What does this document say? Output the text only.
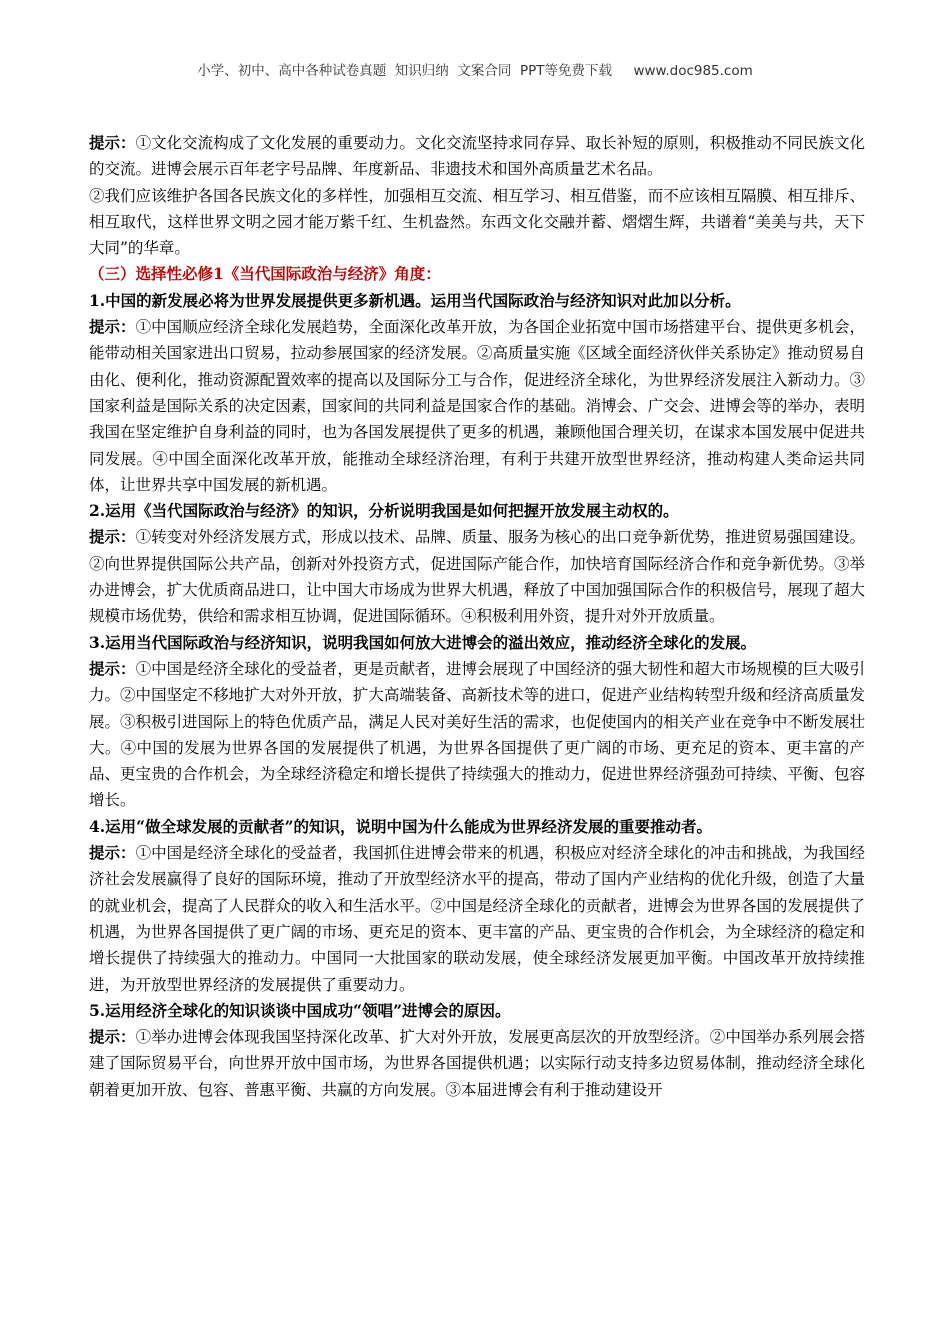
小学、初中、高中各种试卷真题  知识归纳  文案合同  PPT等免费下载     www.doc985.com

提示：①文化交流构成了文化发展的重要动力。文化交流坚持求同存异、取长补短的原则，积极推动不同民族文化的交流。进博会展示百年老字号品牌、年度新品、非遗技术和国外高质量艺术名品。

②我们应该维护各国各民族文化的多样性，加强相互交流、相互学习、相互借鉴，而不应该相互隔膜、相互排斥、相互取代，这样世界文明之园才能万紫千红、生机盎然。东西文化交融并蓄、熠熠生辉，共谱着“美美与共，天下大同”的华章。

（三）选择性必修1《当代国际政治与经济》角度：

1.中国的新发展必将为世界发展提供更多新机遇。运用当代国际政治与经济知识对此加以分析。

提示：①中国顺应经济全球化发展趋势，全面深化改革开放，为各国企业拓宽中国市场搭建平台、提供更多机会，能带动相关国家进出口贸易，拉动参展国家的经济发展。②高质量实施《区域全面经济伙伴关系协定》推动贸易自由化、便利化，推动资源配置效率的提高以及国际分工与合作，促进经济全球化，为世界经济发展注入新动力。③国家利益是国际关系的决定因素，国家间的共同利益是国家合作的基础。消博会、广交会、进博会等的举办，表明我国在坚定维护自身利益的同时，也为各国发展提供了更多的机遇，兼顾他国合理关切，在谋求本国发展中促进共同发展。④中国全面深化改革开放，能推动全球经济治理，有利于共建开放型世界经济，推动构建人类命运共同体，让世界共享中国发展的新机遇。

2.运用《当代国际政治与经济》的知识，分析说明我国是如何把握开放发展主动权的。

提示：①转变对外经济发展方式，形成以技术、品牌、质量、服务为核心的出口竞争新优势，推进贸易强国建设。②向世界提供国际公共产品，创新对外投资方式，促进国际产能合作，加快培育国际经济合作和竞争新优势。③举办进博会，扩大优质商品进口，让中国大市场成为世界大机遇，释放了中国加强国际合作的积极信号，展现了超大规模市场优势，供给和需求相互协调，促进国际循环。④积极利用外资，提升对外开放质量。

3.运用当代国际政治与经济知识，说明我国如何放大进博会的溢出效应，推动经济全球化的发展。

提示：①中国是经济全球化的受益者，更是贡献者，进博会展现了中国经济的强大韧性和超大市场规模的巨大吸引力。②中国坚定不移地扩大对外开放，扩大高端装备、高新技术等的进口，促进产业结构转型升级和经济高质量发展。③积极引进国际上的特色优质产品，满足人民对美好生活的需求，也促使国内的相关产业在竞争中不断发展壮大。④中国的发展为世界各国的发展提供了机遇，为世界各国提供了更广阔的市场、更充足的资本、更丰富的产品、更宝贵的合作机会，为全球经济稳定和增长提供了持续强大的推动力，促进世界经济强劲可持续、平衡、包容增长。

4.运用“做全球发展的贡献者”的知识，说明中国为什么能成为世界经济发展的重要推动者。

提示：①中国是经济全球化的受益者，我国抓住进博会带来的机遇，积极应对经济全球化的冲击和挑战，为我国经济社会发展赢得了良好的国际环境，推动了开放型经济水平的提高，带动了国内产业结构的优化升级，创造了大量的就业机会，提高了人民群众的收入和生活水平。②中国是经济全球化的贡献者，进博会为世界各国的发展提供了机遇，为世界各国提供了更广阔的市场、更充足的资本、更丰富的产品、更宝贵的合作机会，为全球经济的稳定和增长提供了持续强大的推动力。中国同一大批国家的联动发展，使全球经济发展更加平衡。中国改革开放持续推进，为开放型世界经济的发展提供了重要动力。

5.运用经济全球化的知识谈谈中国成功“领唱”进博会的原因。

提示：①举办进博会体现我国坚持深化改革、扩大对外开放，发展更高层次的开放型经济。②中国举办系列展会搭建了国际贸易平台，向世界开放中国市场，为世界各国提供机遇；以实际行动支持多边贸易体制，推动经济全球化朝着更加开放、包容、普惠平衡、共赢的方向发展。③本届进博会有利于推动建设开
